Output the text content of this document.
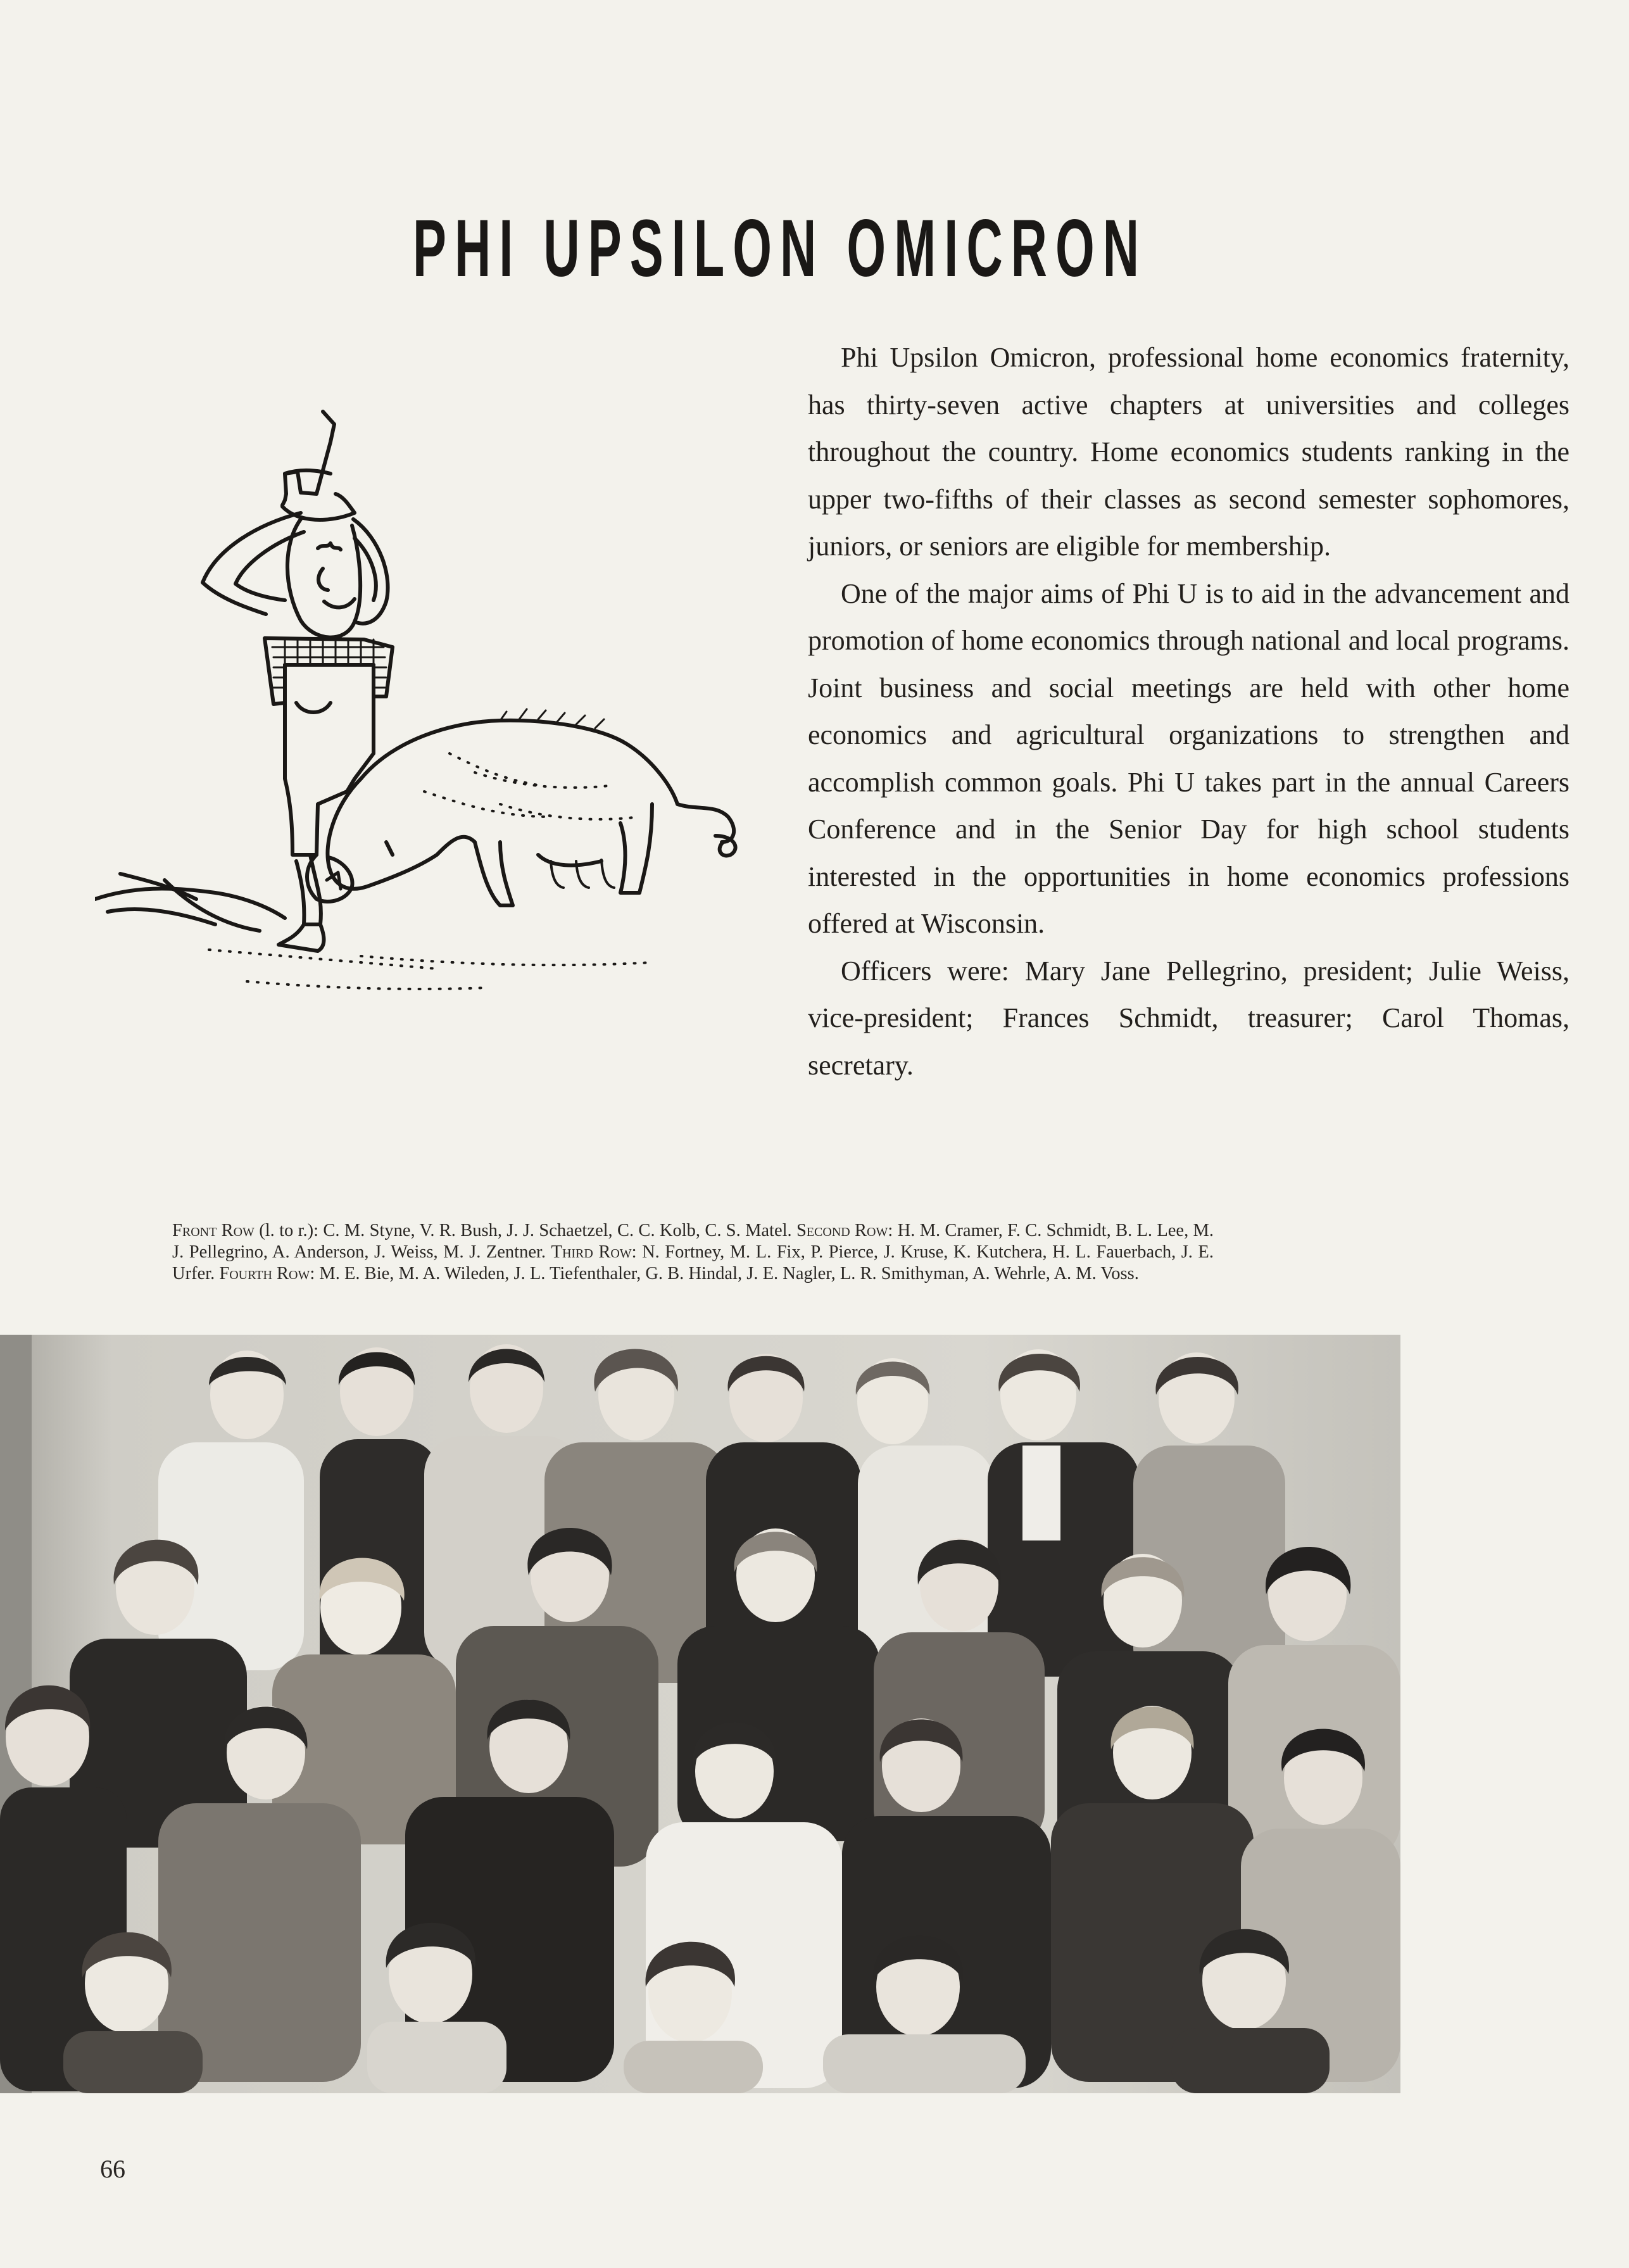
PHI UPSILON OMICRON

Phi Upsilon Omicron, professional home economics fraternity, has thirty-seven active chapters at universities and colleges throughout the country. Home economics students ranking in the upper two-fifths of their classes as second semester sophomores, juniors, or seniors are eligible for membership.

One of the major aims of Phi U is to aid in the advancement and promotion of home economics through national and local programs. Joint business and social meetings are held with other home economics and agricultural organizations to strengthen and accomplish common goals. Phi U takes part in the annual Careers Conference and in the Senior Day for high school students interested in the opportunities in home economics professions offered at Wisconsin.

Officers were: Mary Jane Pellegrino, president; Julie Weiss, vice-president; Frances Schmidt, treasurer; Carol Thomas, secretary.

Front Row (l. to r.): C. M. Styne, V. R. Bush, J. J. Schaetzel, C. C. Kolb, C. S. Matel. Second Row: H. M. Cramer, F. C. Schmidt, B. L. Lee, M. J. Pellegrino, A. Anderson, J. Weiss, M. J. Zentner. Third Row: N. Fortney, M. L. Fix, P. Pierce, J. Kruse, K. Kutchera, H. L. Fauerbach, J. E. Urfer. Fourth Row: M. E. Bie, M. A. Wileden, J. L. Tiefenthaler, G. B. Hindal, J. E. Nagler, L. R. Smithyman, A. Wehrle, A. M. Voss.

66
